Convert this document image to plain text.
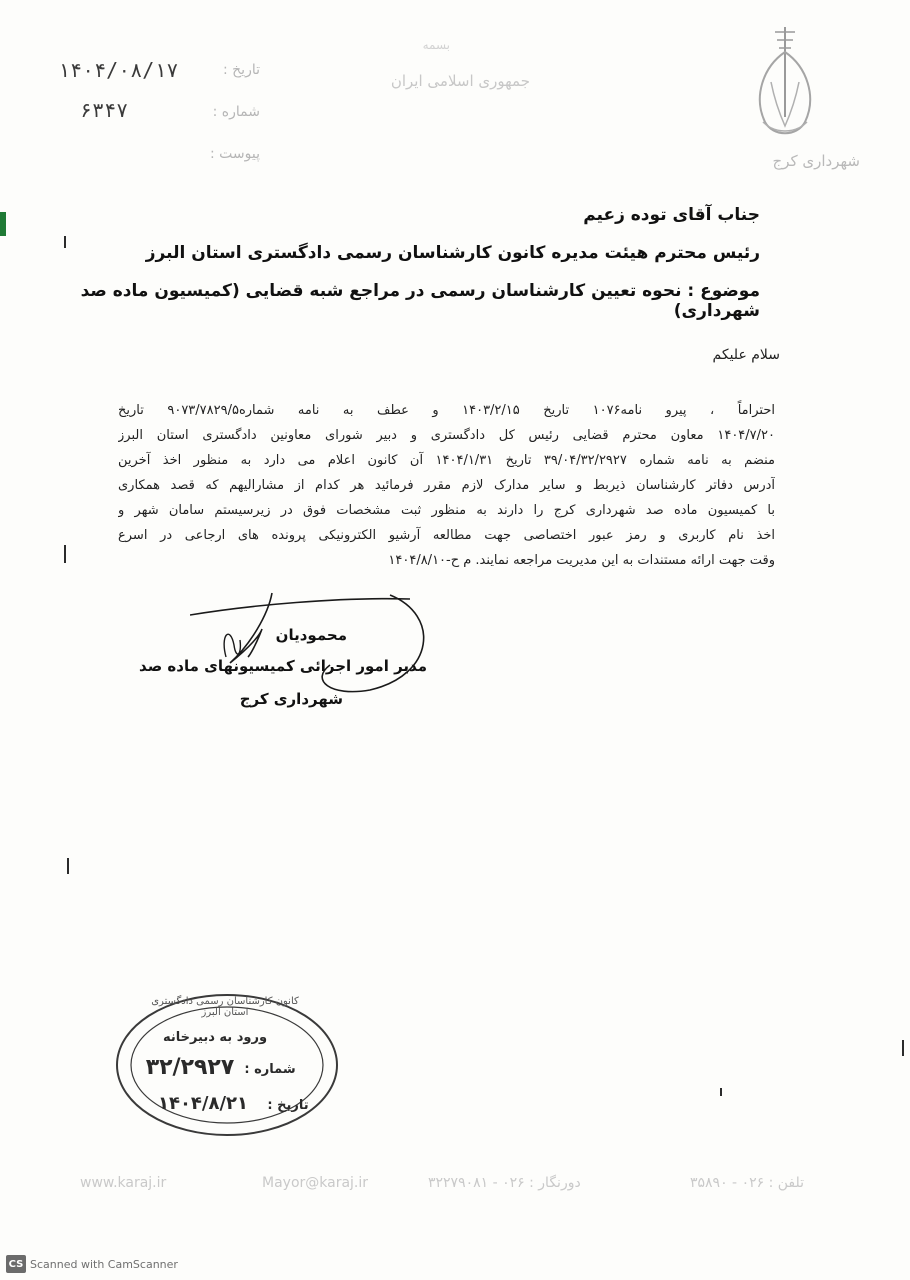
شهرداری کرج
بسمه
جمهوری اسلامی ایران
تاریخ :
۱۴۰۴/۰۸/۱۷
شماره :
۶۳۴۷
پیوست :
جناب آقای توده زعیم
رئیس محترم هیئت مدیره کانون کارشناسان رسمی دادگستری استان البرز
موضوع : نحوه تعیین کارشناسان رسمی در مراجع شبه قضایی (کمیسیون ماده صد شهرداری)
سلام علیکم
احتراماً ، پیرو نامه۱۰۷۶ تاریخ ۱۴۰۳/۲/۱۵ و عطف به نامه شماره۹۰۷۳/۷۸۲۹/۵ تاریخ
۱۴۰۴/۷/۲۰ معاون محترم قضایی رئیس کل دادگستری و دبیر شورای معاونین دادگستری استان البرز
منضم به نامه شماره ۳۹/۰۴/۳۲/۲۹۲۷ تاریخ ۱۴۰۴/۱/۳۱ آن کانون اعلام می دارد به منظور اخذ آخرین
آدرس دفاتر کارشناسان ذیربط و سایر مدارک لازم مقرر فرمائید هر کدام از مشارالیهم که قصد همکاری
با کمیسیون ماده صد شهرداری کرج را دارند به منظور ثبت مشخصات فوق در زیرسیستم سامان شهر و
اخذ نام کاربری و رمز عبور اختصاصی جهت مطالعه آرشیو الکترونیکی پرونده های ارجاعی در اسرع
وقت جهت ارائه مستندات به این مدیریت مراجعه نمایند. م ح-۱۴۰۴/۸/۱۰
محمودیان
مدیر امور اجرائی کمیسیونهای ماده صد
شهرداری کرج
کانون کارشناسان رسمی دادگستری استان البرز
ورود به دبیرخانه
شماره :
۳۲/۲۹۲۷
تاریخ :
۱۴۰۴/۸/۲۱
www.karaj.ir	Mayor@karaj.ir	دورنگار : ۰۲۶ - ۳۲۲۷۹۰۸۱	تلفن : ۰۲۶ - ۳۵۸۹۰
CS Scanned with CamScanner
